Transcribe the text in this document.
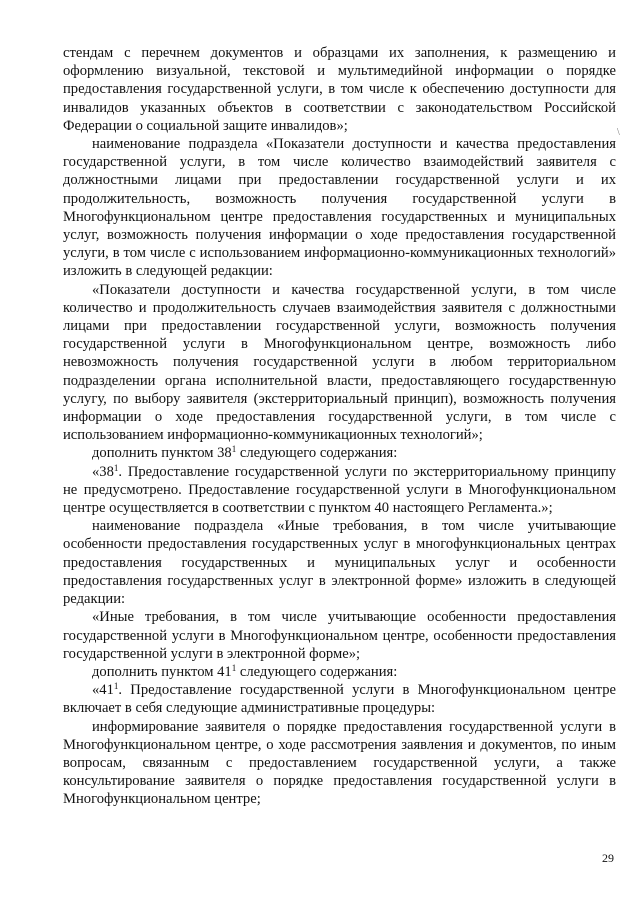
стендам с перечнем документов и образцами их заполнения, к размещению и оформлению визуальной, текстовой и мультимедийной информации о порядке предоставления государственной услуги, в том числе к обеспечению доступности для инвалидов указанных объектов в соответствии с законодательством Российской Федерации о социальной защите инвалидов»;

наименование подраздела «Показатели доступности и качества предоставления государственной услуги, в том числе количество взаимодействий заявителя с должностными лицами при предоставлении государственной услуги и их продолжительность, возможность получения государственной услуги в Многофункциональном центре предоставления государственных и муниципальных услуг, возможность получения информации о ходе предоставления государственной услуги, в том числе с использованием информационно-коммуникационных технологий» изложить в следующей редакции:

«Показатели доступности и качества государственной услуги, в том числе количество и продолжительность случаев взаимодействия заявителя с должностными лицами при предоставлении государственной услуги, возможность получения государственной услуги в Многофункциональном центре, возможность либо невозможность получения государственной услуги в любом территориальном подразделении органа исполнительной власти, предоставляющего государственную услугу, по выбору заявителя (экстерриториальный принцип), возможность получения информации о ходе предоставления государственной услуги, в том числе с использованием информационно-коммуникационных технологий»;

дополнить пунктом $38^1$ следующего содержания:

«$38^1$. Предоставление государственной услуги по экстерриториальному принципу не предусмотрено. Предоставление государственной услуги в Многофункциональном центре осуществляется в соответствии с пунктом 40 настоящего Регламента.»;

наименование подраздела «Иные требования, в том числе учитывающие особенности предоставления государственных услуг в многофункциональных центрах предоставления государственных и муниципальных услуг и особенности предоставления государственных услуг в электронной форме» изложить в следующей редакции:

«Иные требования, в том числе учитывающие особенности предоставления государственной услуги в Многофункциональном центре, особенности предоставления государственной услуги в электронной форме»;

дополнить пунктом $41^1$ следующего содержания:

«$41^1$. Предоставление государственной услуги в Многофункциональном центре включает в себя следующие административные процедуры:

информирование заявителя о порядке предоставления государственной услуги в Многофункциональном центре, о ходе рассмотрения заявления и документов, по иным вопросам, связанным с предоставлением государственной услуги, а также консультирование заявителя о порядке предоставления государственной услуги в Многофункциональном центре;

\
29
